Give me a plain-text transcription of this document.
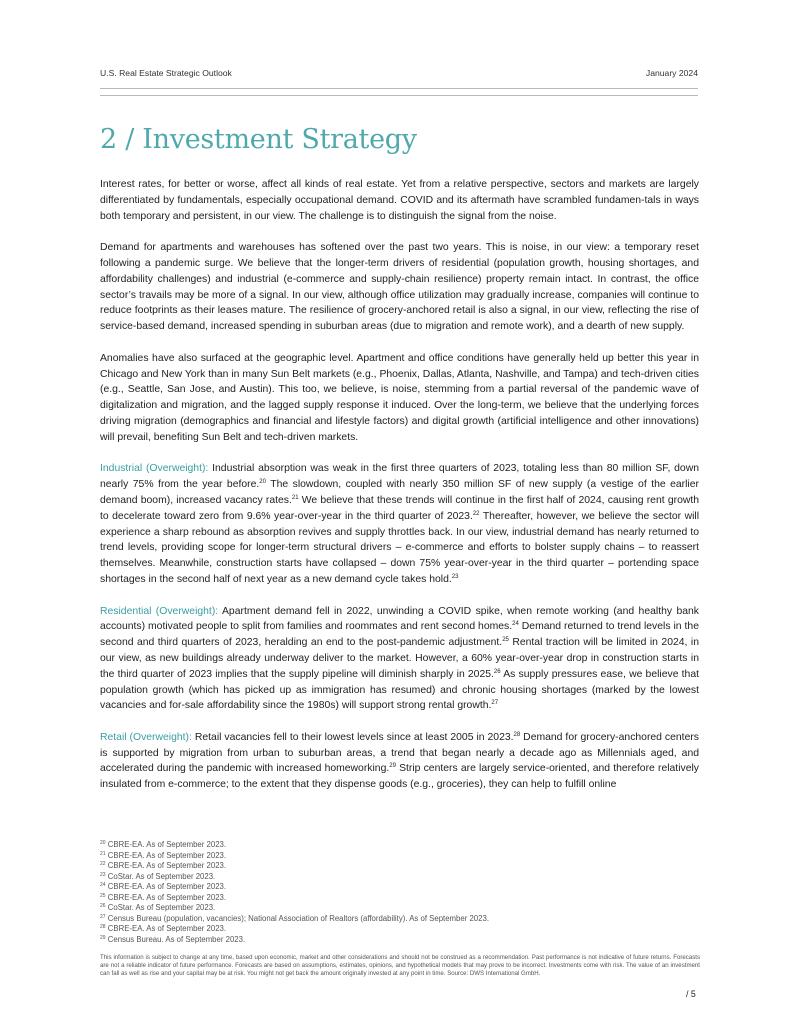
U.S. Real Estate Strategic Outlook	January 2024
2 / Investment Strategy

Interest rates, for better or worse, affect all kinds of real estate. Yet from a relative perspective, sectors and markets are largely differentiated by fundamentals, especially occupational demand. COVID and its aftermath have scrambled fundamen-tals in ways both temporary and persistent, in our view. The challenge is to distinguish the signal from the noise.

Demand for apartments and warehouses has softened over the past two years. This is noise, in our view: a temporary reset following a pandemic surge. We believe that the longer-term drivers of residential (population growth, housing shortages, and affordability challenges) and industrial (e-commerce and supply-chain resilience) property remain intact. In contrast, the office sector’s travails may be more of a signal. In our view, although office utilization may gradually increase, companies will continue to reduce footprints as their leases mature. The resilience of grocery-anchored retail is also a signal, in our view, reflecting the rise of service-based demand, increased spending in suburban areas (due to migration and remote work), and a dearth of new supply.

Anomalies have also surfaced at the geographic level. Apartment and office conditions have generally held up better this year in Chicago and New York than in many Sun Belt markets (e.g., Phoenix, Dallas, Atlanta, Nashville, and Tampa) and tech-driven cities (e.g., Seattle, San Jose, and Austin). This too, we believe, is noise, stemming from a partial reversal of the pandemic wave of digitalization and migration, and the lagged supply response it induced. Over the long-term, we believe that the underlying forces driving migration (demographics and financial and lifestyle factors) and digital growth (artificial intelligence and other innovations) will prevail, benefiting Sun Belt and tech-driven markets.

Industrial (Overweight): Industrial absorption was weak in the first three quarters of 2023, totaling less than 80 million SF, down nearly 75% from the year before.$^{20}$ The slowdown, coupled with nearly 350 million SF of new supply (a vestige of the earlier demand boom), increased vacancy rates.$^{21}$ We believe that these trends will continue in the first half of 2024, causing rent growth to decelerate toward zero from 9.6% year-over-year in the third quarter of 2023.22 Thereafter, however, we believe the sector will experience a sharp rebound as absorption revives and supply throttles back. In our view, industrial demand has nearly returned to trend levels, providing scope for longer-term structural drivers – e-commerce and efforts to bolster supply chains – to reassert themselves. Meanwhile, construction starts have collapsed – down 75% year-over-year in the third quarter – portending space shortages in the second half of next year as a new demand cycle takes hold.$^{23}$

Residential (Overweight): Apartment demand fell in 2022, unwinding a COVID spike, when remote working (and healthy bank accounts) motivated people to split from families and roommates and rent second homes.$^{24}$ Demand returned to trend levels in the second and third quarters of 2023, heralding an end to the post-pandemic adjustment.$^{25}$ Rental traction will be limited in 2024, in our view, as new buildings already underway deliver to the market. However, a 60% year-over-year drop in construction starts in the third quarter of 2023 implies that the supply pipeline will diminish sharply in 2025.26 As supply pressures ease, we believe that population growth (which has picked up as immigration has resumed) and chronic housing shortages (marked by the lowest vacancies and for-sale affordability since the 1980s) will support strong rental growth.$^{27}$

Retail (Overweight): Retail vacancies fell to their lowest levels since at least 2005 in 2023.28 Demand for grocery-anchored centers is supported by migration from urban to suburban areas, a trend that began nearly a decade ago as Millennials aged, and accelerated during the pandemic with increased homeworking.$^{29}$ Strip centers are largely service-oriented, and therefore relatively insulated from e-commerce; to the extent that they dispense goods (e.g., groceries), they can help to fulfill online

$^{20}$ CBRE-EA. As of September 2023.
$^{21}$ CBRE-EA. As of September 2023.
$^{22}$ CBRE-EA. As of September 2023.
$^{23}$ CoStar. As of September 2023.
$^{24}$ CBRE-EA. As of September 2023.
$^{25}$ CBRE-EA. As of September 2023.
$^{26}$ CoStar. As of September 2023.
$^{27}$ Census Bureau (population, vacancies); National Association of Realtors (affordability). As of September 2023.
$^{28}$ CBRE-EA. As of September 2023.
$^{29}$ Census Bureau. As of September 2023.
This information is subject to change at any time, based upon economic, market and other considerations and should not be construed as a recommendation. Past performance is not indicative of future returns. Forecasts are not a reliable indicator of future performance. Forecasts are based on assumptions, estimates, opinions, and hypothetical models that may prove to be incorrect. Investments come with risk. The value of an investment can fall as well as rise and your capital may be at risk. You might not get back the amount originally invested at any point in time. Source: DWS International GmbH.
/ 5
